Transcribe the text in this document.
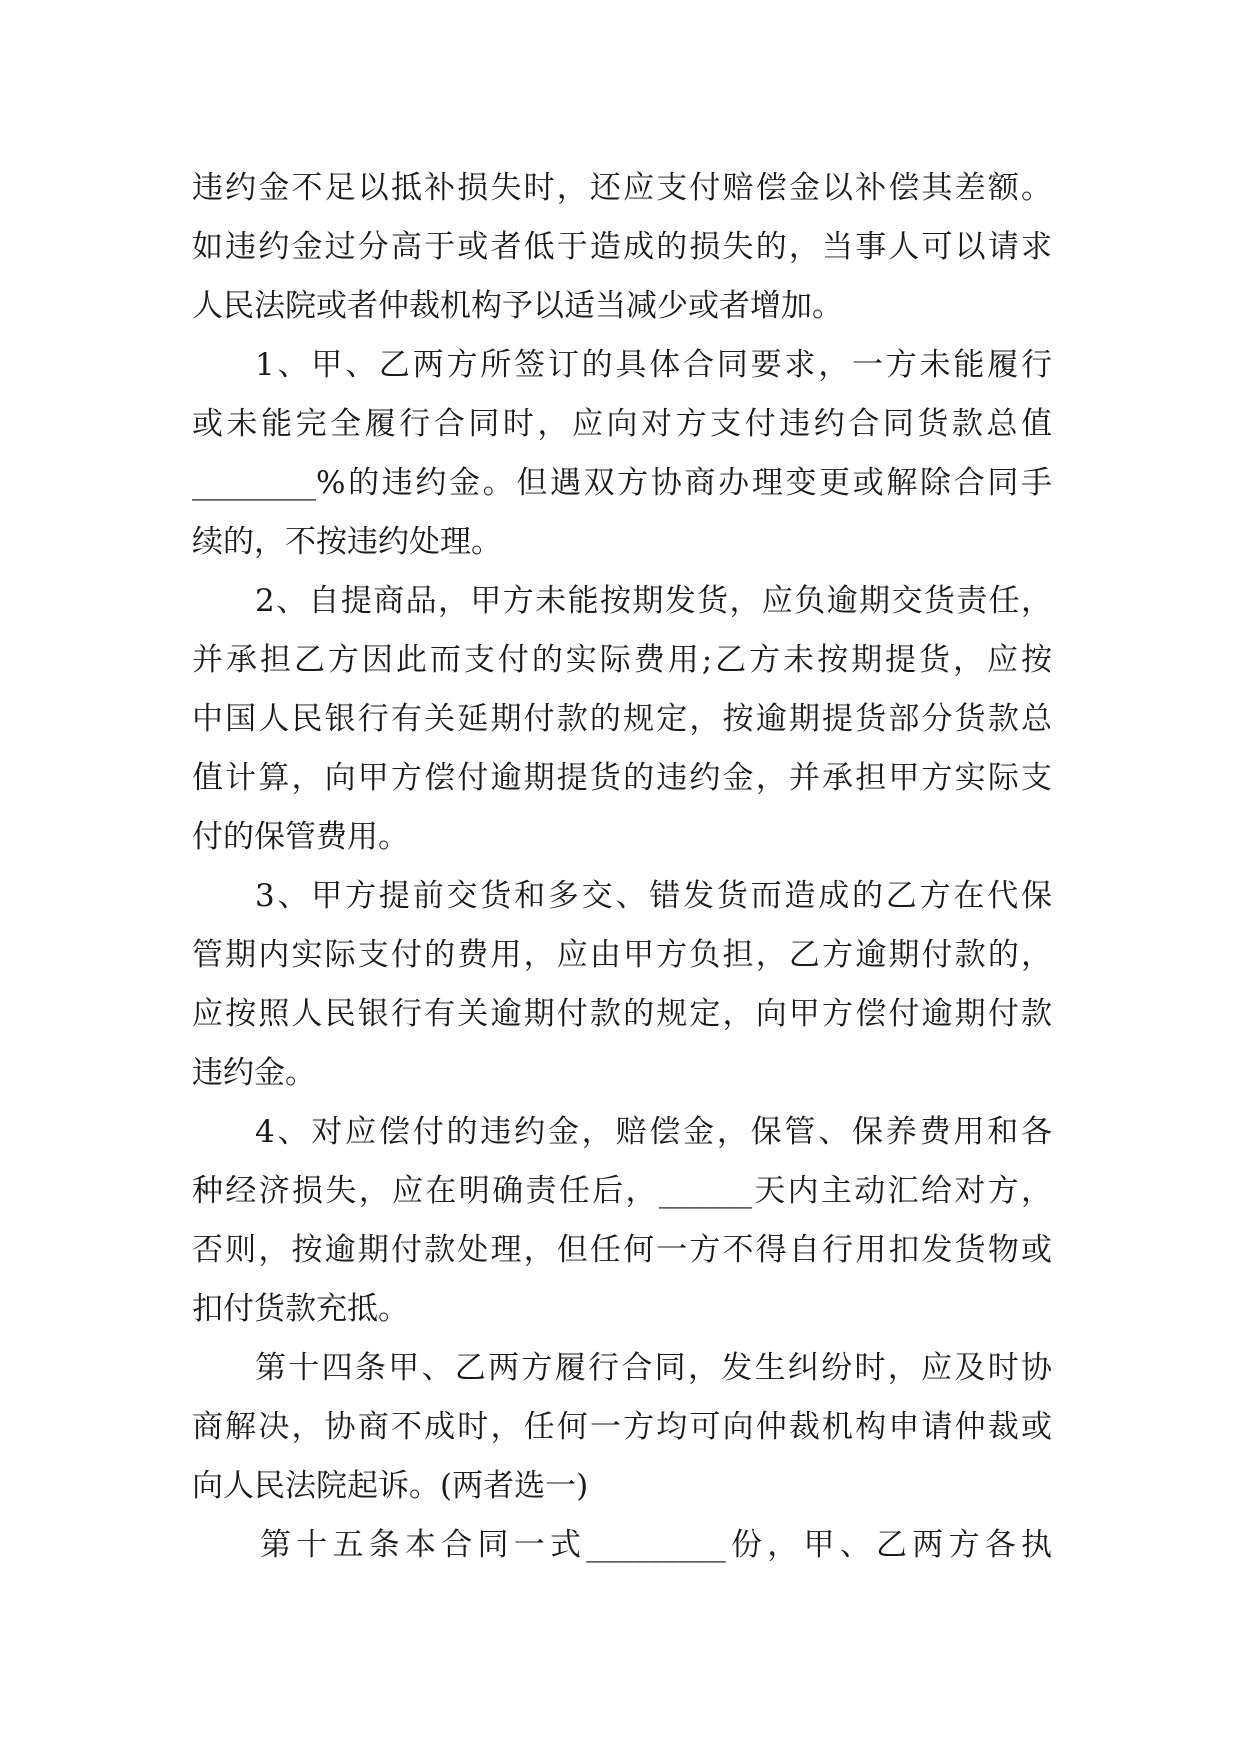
违约金不足以抵补损失时，还应支付赔偿金以补偿其差额。
如违约金过分高于或者低于造成的损失的，当事人可以请求
人民法院或者仲裁机构予以适当减少或者增加。
1、甲、乙两方所签订的具体合同要求，一方未能履行
或未能完全履行合同时，应向对方支付违约合同货款总值
________%的违约金。但遇双方协商办理变更或解除合同手
续的，不按违约处理。
2、自提商品，甲方未能按期发货，应负逾期交货责任，
并承担乙方因此而支付的实际费用;乙方未按期提货，应按
中国人民银行有关延期付款的规定，按逾期提货部分货款总
值计算，向甲方偿付逾期提货的违约金，并承担甲方实际支
付的保管费用。
3、甲方提前交货和多交、错发货而造成的乙方在代保
管期内实际支付的费用，应由甲方负担，乙方逾期付款的，
应按照人民银行有关逾期付款的规定，向甲方偿付逾期付款
违约金。
4、对应偿付的违约金，赔偿金，保管、保养费用和各
种经济损失，应在明确责任后，______天内主动汇给对方，
否则，按逾期付款处理，但任何一方不得自行用扣发货物或
扣付货款充抵。
第十四条甲、乙两方履行合同，发生纠纷时，应及时协
商解决，协商不成时，任何一方均可向仲裁机构申请仲裁或
向人民法院起诉。(两者选一)
第十五条本合同一式_________份，甲、乙两方各执
